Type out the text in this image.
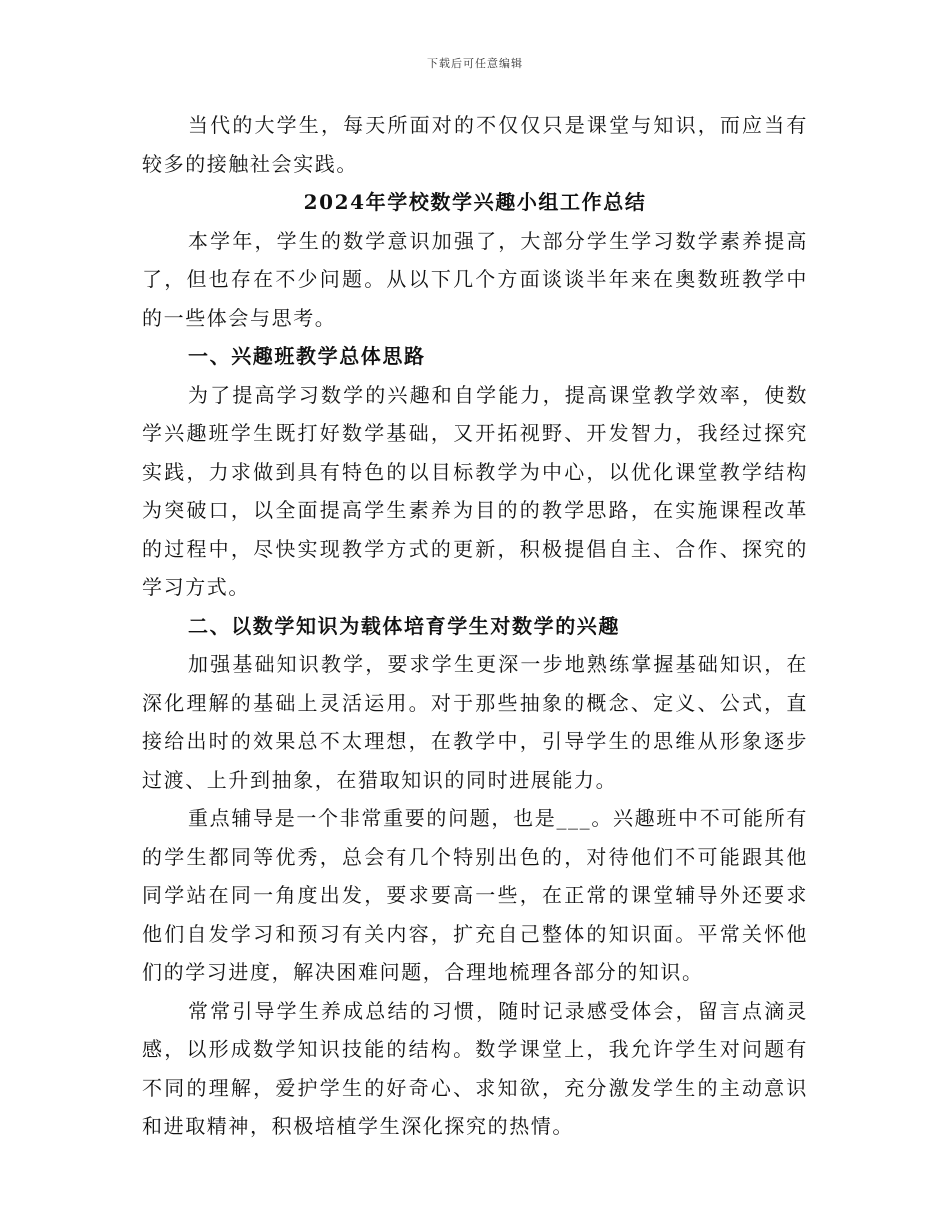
下载后可任意编辑

当代的大学生，每天所面对的不仅仅只是课堂与知识，而应当有较多的接触社会实践。

2024年学校数学兴趣小组工作总结

本学年，学生的数学意识加强了，大部分学生学习数学素养提高了，但也存在不少问题。从以下几个方面谈谈半年来在奥数班教学中的一些体会与思考。

一、兴趣班教学总体思路

为了提高学习数学的兴趣和自学能力，提高课堂教学效率，使数学兴趣班学生既打好数学基础，又开拓视野、开发智力，我经过探究实践，力求做到具有特色的以目标教学为中心，以优化课堂教学结构为突破口，以全面提高学生素养为目的的教学思路，在实施课程改革的过程中，尽快实现教学方式的更新，积极提倡自主、合作、探究的学习方式。

二、以数学知识为载体培育学生对数学的兴趣

加强基础知识教学，要求学生更深一步地熟练掌握基础知识，在深化理解的基础上灵活运用。对于那些抽象的概念、定义、公式，直接给出时的效果总不太理想，在教学中，引导学生的思维从形象逐步过渡、上升到抽象，在猎取知识的同时进展能力。

重点辅导是一个非常重要的问题，也是___。兴趣班中不可能所有的学生都同等优秀，总会有几个特别出色的，对待他们不可能跟其他同学站在同一角度出发，要求要高一些，在正常的课堂辅导外还要求他们自发学习和预习有关内容，扩充自己整体的知识面。平常关怀他们的学习进度，解决困难问题，合理地梳理各部分的知识。

常常引导学生养成总结的习惯，随时记录感受体会，留言点滴灵感，以形成数学知识技能的结构。数学课堂上，我允许学生对问题有不同的理解，爱护学生的好奇心、求知欲，充分激发学生的主动意识和进取精神，积极培植学生深化探究的热情。
